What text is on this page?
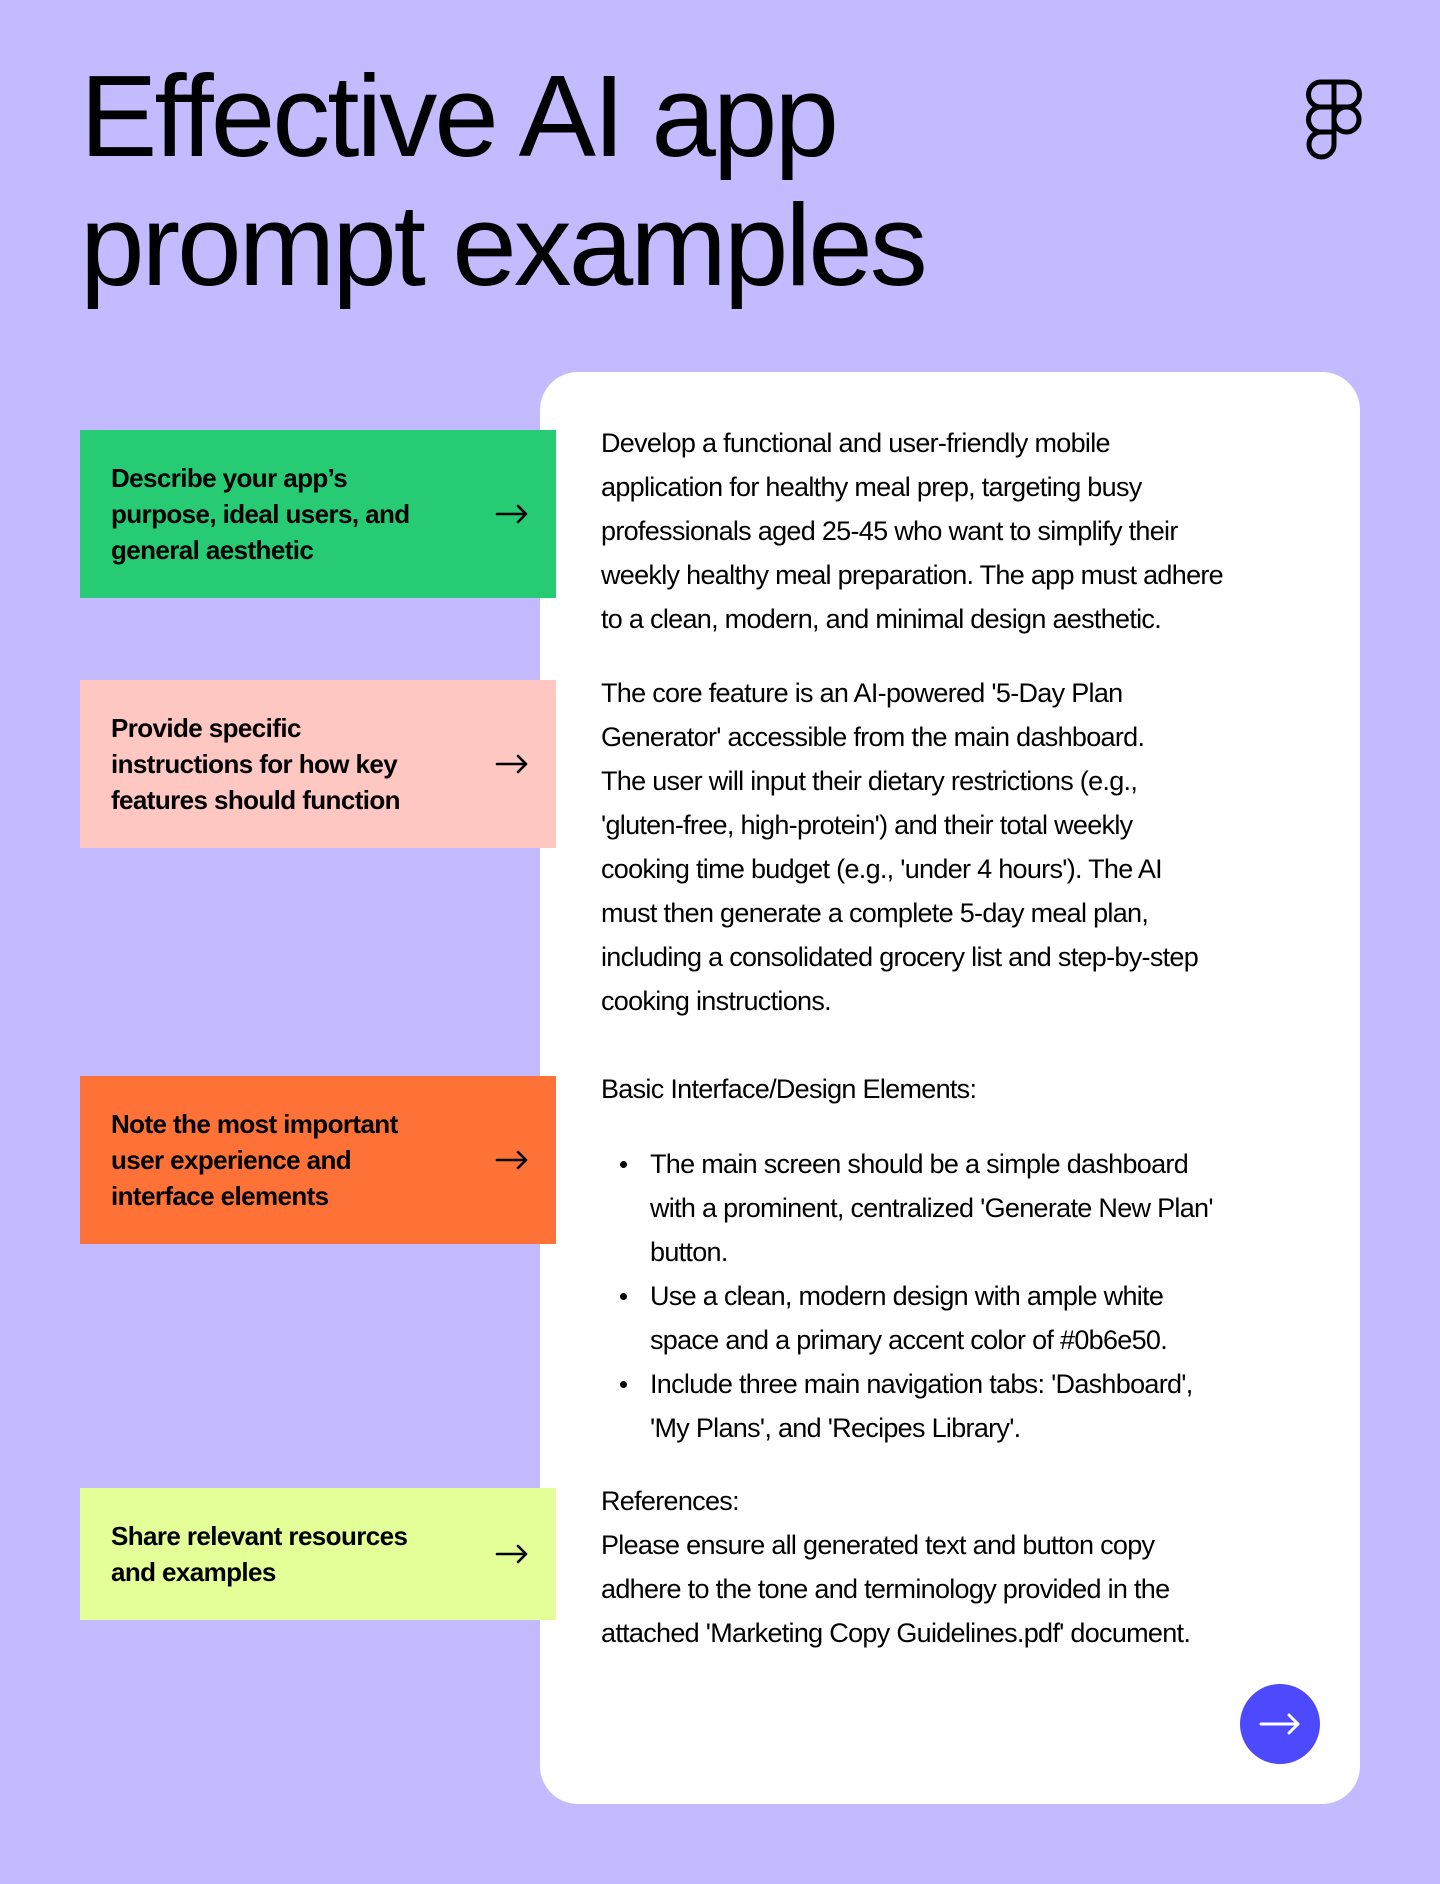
Effective AI app
prompt examples
Describe your app’s
purpose, ideal users, and
general aesthetic
Provide specific
instructions for how key
features should function
Note the most important
user experience and
interface elements
Share relevant resources
and examples
Develop a functional and user-friendly mobile
application for healthy meal prep, targeting busy
professionals aged 25-45 who want to simplify their
weekly healthy meal preparation. The app must adhere
to a clean, modern, and minimal design aesthetic.
The core feature is an AI-powered '5-Day Plan
Generator' accessible from the main dashboard.
The user will input their dietary restrictions (e.g.,
'gluten-free, high-protein') and their total weekly
cooking time budget (e.g., 'under 4 hours'). The AI
must then generate a complete 5-day meal plan,
including a consolidated grocery list and step-by-step
cooking instructions.
Basic Interface/Design Elements:
The main screen should be a simple dashboard
with a prominent, centralized 'Generate New Plan'
button.
Use a clean, modern design with ample white
space and a primary accent color of #0b6e50.
Include three main navigation tabs: 'Dashboard',
'My Plans', and 'Recipes Library'.
References:
Please ensure all generated text and button copy
adhere to the tone and terminology provided in the
attached 'Marketing Copy Guidelines.pdf' document.
